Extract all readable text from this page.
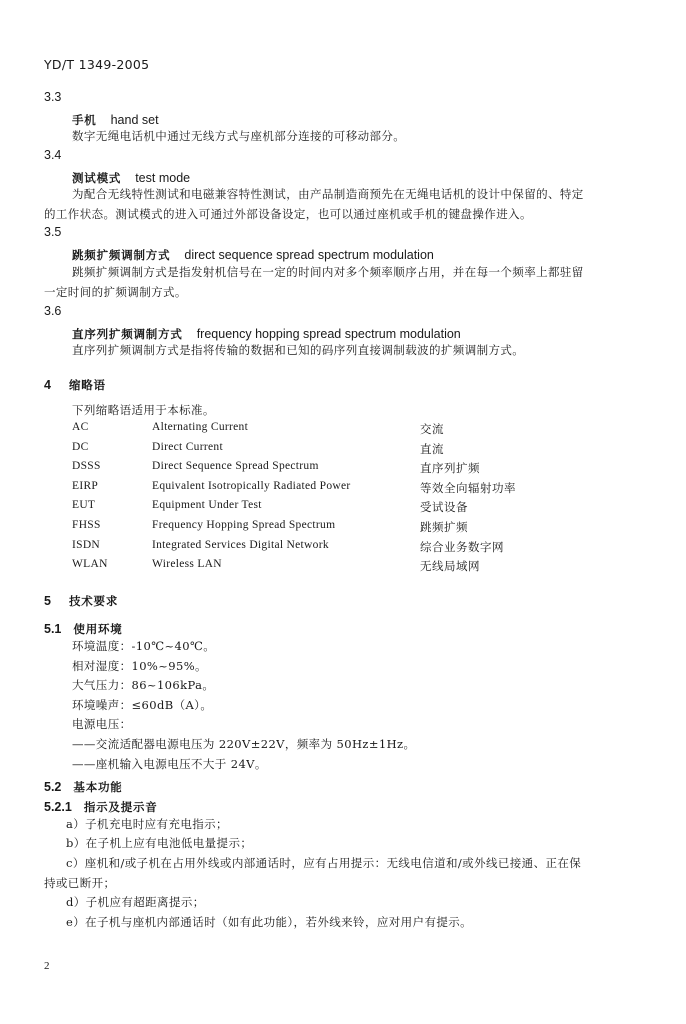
YD/T 1349-2005
3.3
手机 hand set
数字无绳电话机中通过无线方式与座机部分连接的可移动部分。
3.4
测试模式 test mode
为配合无线特性测试和电磁兼容特性测试，由产品制造商预先在无绳电话机的设计中保留的、特定
的工作状态。测试模式的进入可通过外部设备设定，也可以通过座机或手机的键盘操作进入。
3.5
跳频扩频调制方式 direct sequence spread spectrum modulation
跳频扩频调制方式是指发射机信号在一定的时间内对多个频率顺序占用，并在每一个频率上都驻留
一定时间的扩频调制方式。
3.6
直序列扩频调制方式 frequency hopping spread spectrum modulation
直序列扩频调制方式是指将传输的数据和已知的码序列直接调制载波的扩频调制方式。
4 缩略语
下列缩略语适用于本标准。
AC	Alternating Current	交流
DC	Direct Current	直流
DSSS	Direct Sequence Spread Spectrum	直序列扩频
EIRP	Equivalent Isotropically Radiated Power	等效全向辐射功率
EUT	Equipment Under Test	受试设备
FHSS	Frequency Hopping Spread Spectrum	跳频扩频
ISDN	Integrated Services Digital Network	综合业务数字网
WLAN	Wireless LAN	无线局域网
5 技术要求
5.1 使用环境
环境温度：-10℃~40℃。
相对湿度：10%~95%。
大气压力：86~106kPa。
环境噪声：≤60dB（A）。
电源电压：
——交流适配器电源电压为 220V±22V，频率为 50Hz±1Hz。
——座机输入电源电压不大于 24V。
5.2 基本功能
5.2.1 指示及提示音
a）子机充电时应有充电指示；
b）在子机上应有电池低电量提示；
c）座机和/或子机在占用外线或内部通话时，应有占用提示：无线电信道和/或外线已接通、正在保
持或已断开；
d）子机应有超距离提示；
e）在子机与座机内部通话时（如有此功能），若外线来铃，应对用户有提示。
2
